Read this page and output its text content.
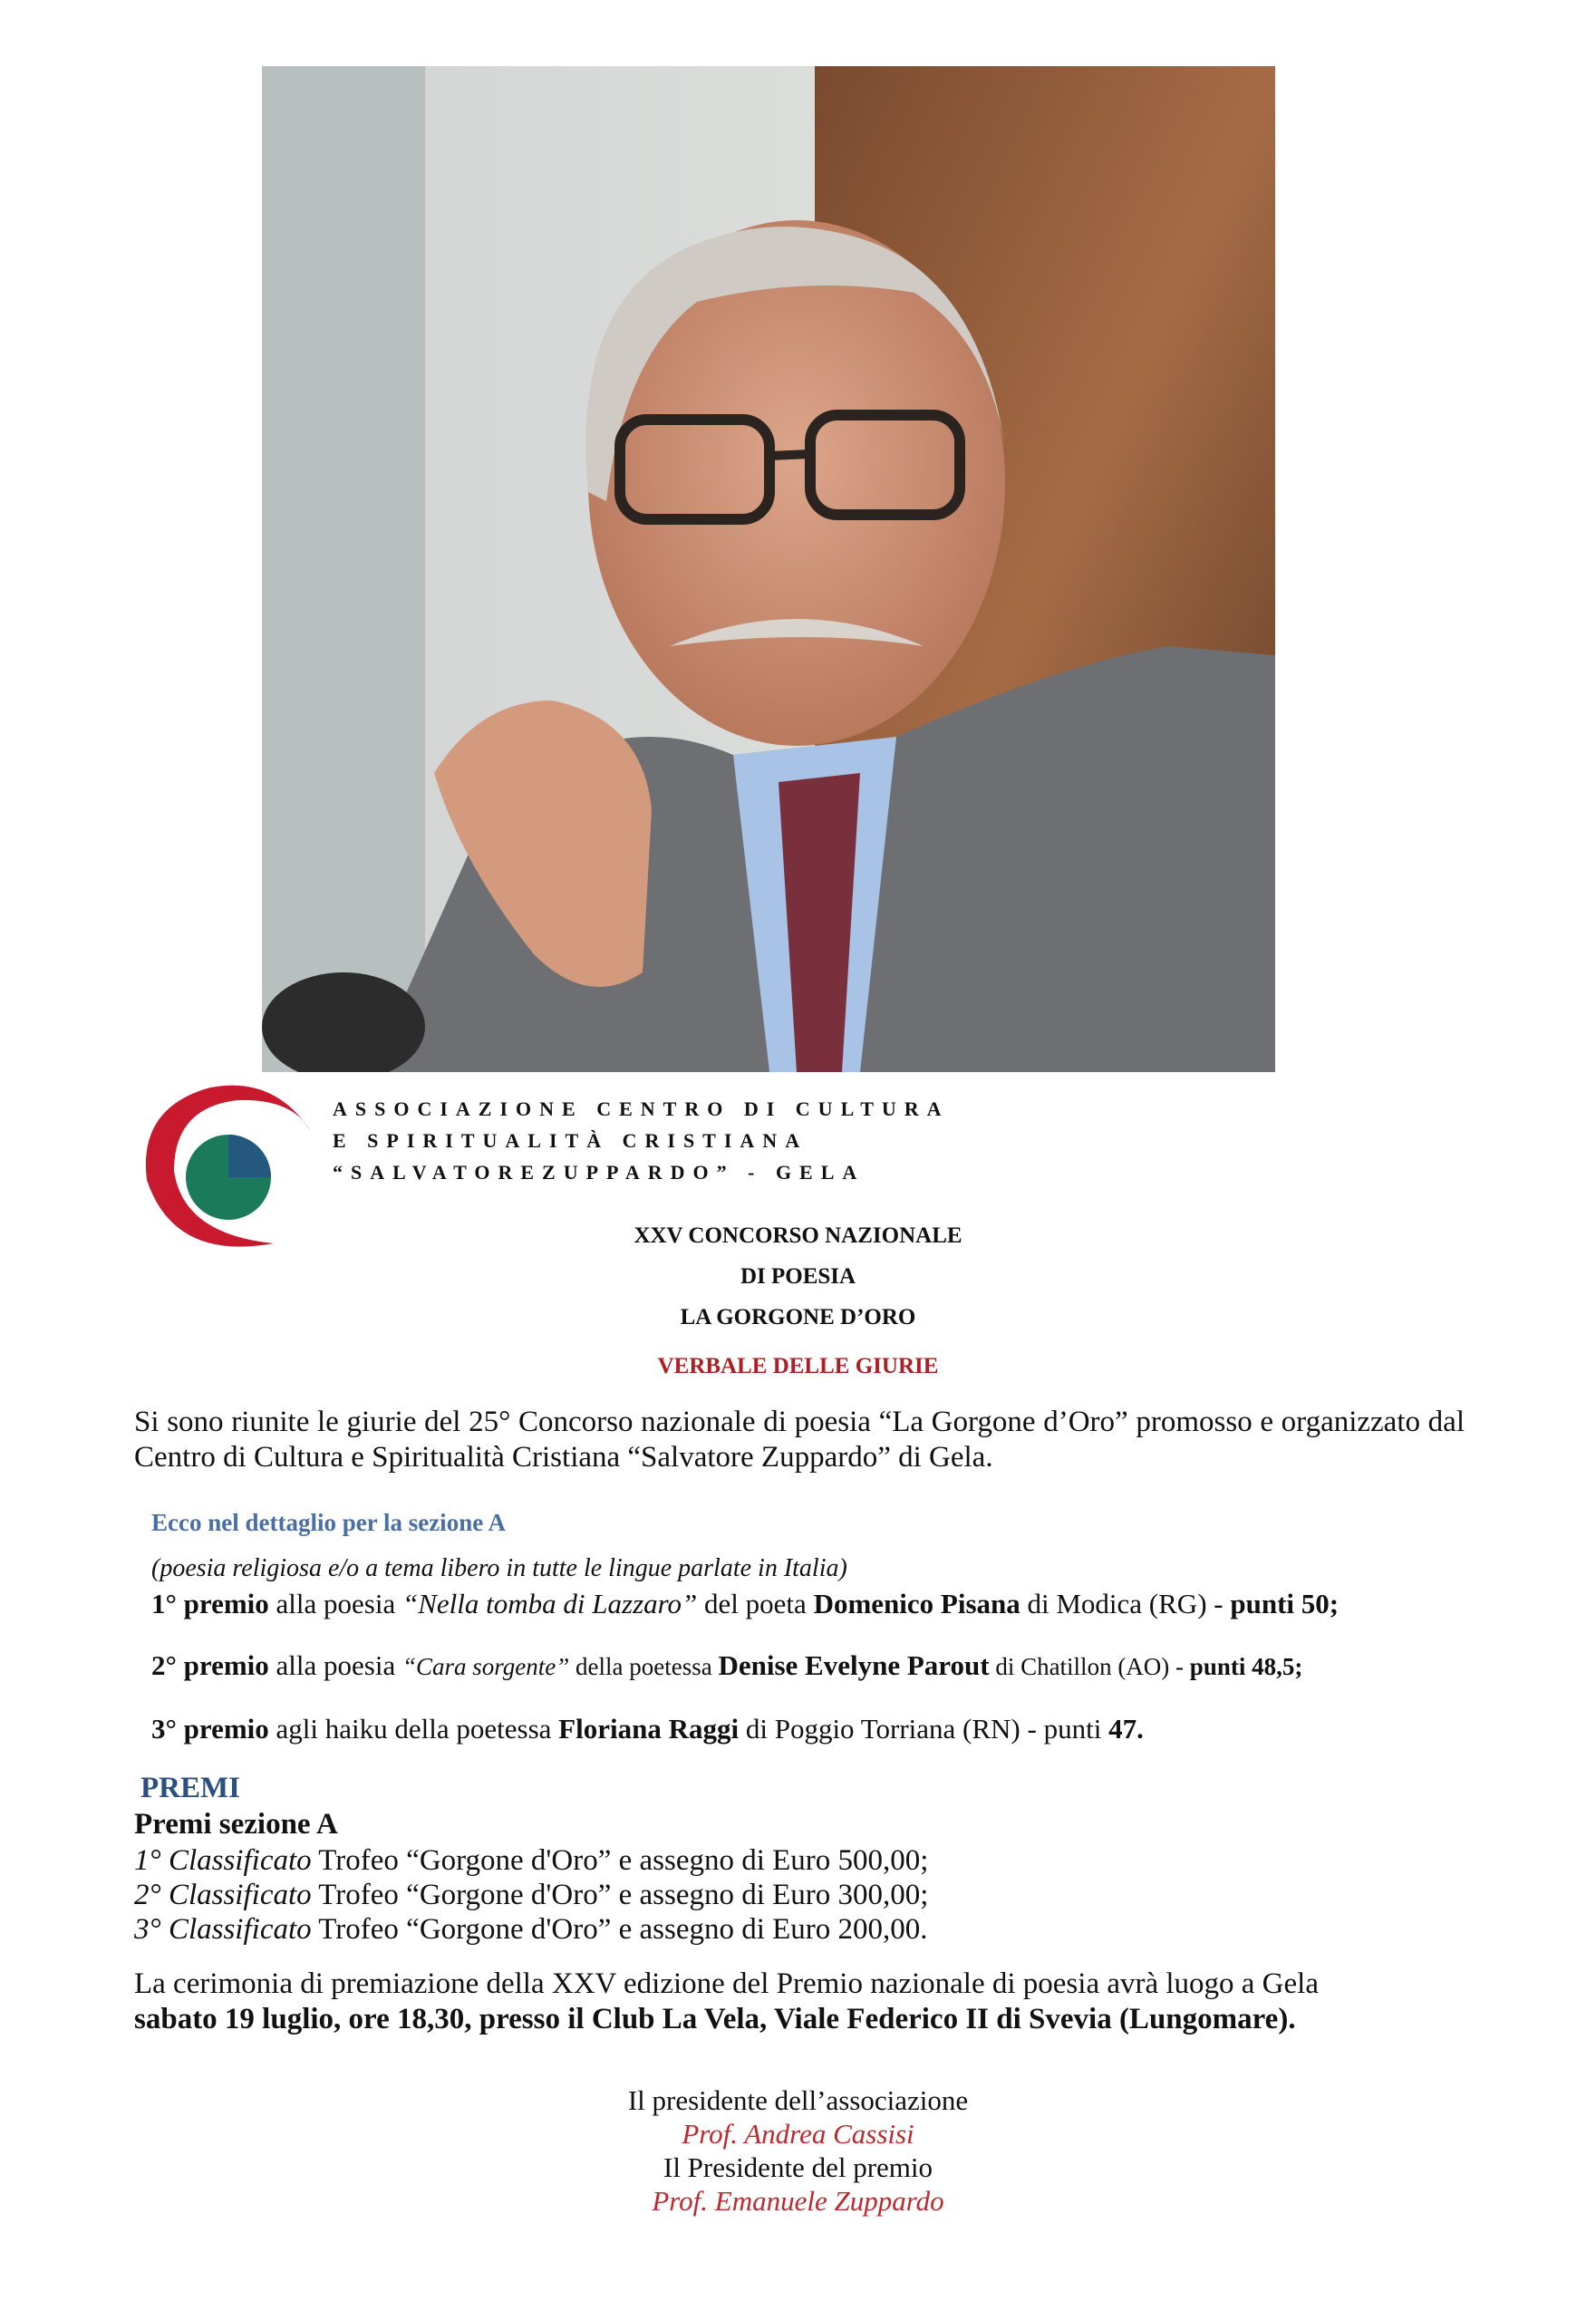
ASSOCIAZIONE CENTRO DI CULTURA
E SPIRITUALITÀ CRISTIANA
“SALVATOREZUPPARDO” - GELA
XXV CONCORSO NAZIONALE
DI POESIA
LA GORGONE D’ORO
VERBALE DELLE GIURIE
Si sono riunite le giurie del 25° Concorso nazionale di poesia “La Gorgone d’Oro” promosso e organizzato dal Centro di Cultura e Spiritualità Cristiana “Salvatore Zuppardo” di Gela.
Ecco nel dettaglio per la sezione A
(poesia religiosa e/o a tema libero in tutte le lingue parlate in Italia)
1° premio alla poesia “Nella tomba di Lazzaro” del poeta Domenico Pisana di Modica (RG) - punti 50;
2° premio alla poesia “Cara sorgente” della poetessa Denise Evelyne Parout di Chatillon (AO) - punti 48,5;
3° premio agli haiku della poetessa Floriana Raggi di Poggio Torriana (RN) - punti 47.
PREMI
Premi sezione A
1° Classificato Trofeo “Gorgone d'Oro” e assegno di Euro 500,00;
2° Classificato Trofeo “Gorgone d'Oro” e assegno di Euro 300,00;
3° Classificato Trofeo “Gorgone d'Oro” e assegno di Euro 200,00.
La cerimonia di premiazione della XXV edizione del Premio nazionale di poesia avrà luogo a Gela
sabato 19 luglio, ore 18,30, presso il Club La Vela, Viale Federico II di Svevia (Lungomare).
Il presidente dell’associazione
Prof. Andrea Cassisi
Il Presidente del premio
Prof. Emanuele Zuppardo
